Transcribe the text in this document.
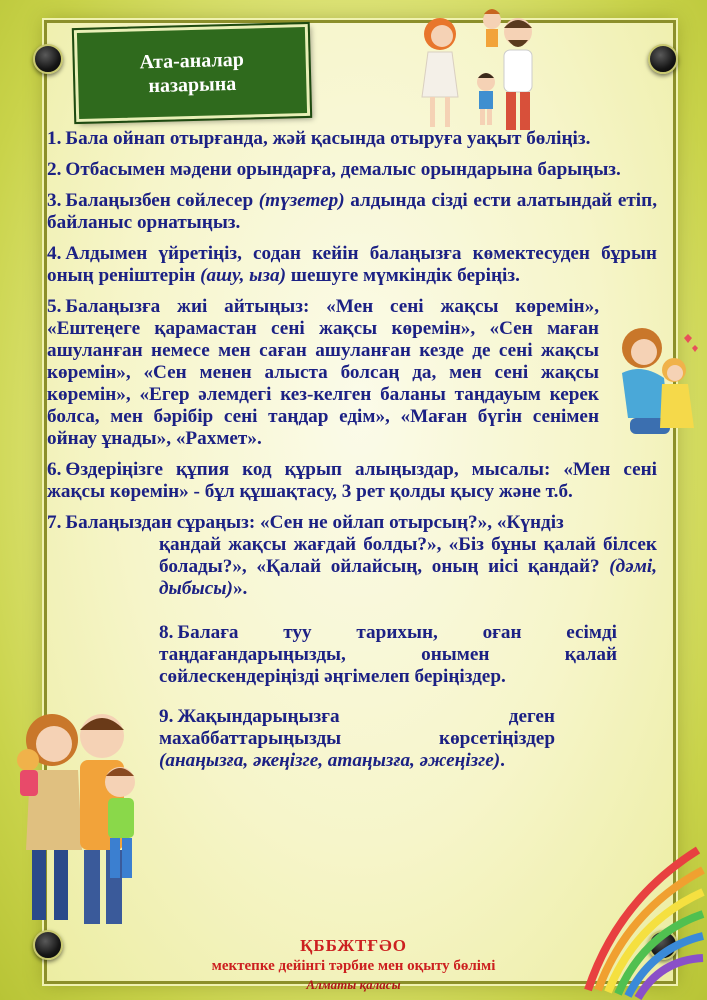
Ата-аналар
назарына
1. Бала ойнап отырғанда, жәй қасында отыруға уақыт бөліңіз.
2. Отбасымен мәдени орындарға, демалыс орындарына барыңыз.
3. Балаңызбен сөйлесер (түзетер) алдында сізді ести алатындай етіп, байланыс орнатыңыз.
4. Алдымен үйретіңіз, содан кейін балаңызға көмектесуден бұрын оның реніштерін (ашу, ыза) шешуге мүмкіндік беріңіз.
5. Балаңызға жиі айтыңыз: «Мен сені жақсы көремін», «Ештеңеге қарамастан сені жақсы көремін», «Сен маған ашуланған немесе мен саған ашуланған кезде де сені жақсы көремін», «Сен менен алыста болсаң да, мен сені жақсы көремін», «Егер әлемдегі кез-келген баланы таңдауым керек болса, мен бәрібір сені таңдар едім», «Маған бүгін сенімен ойнау ұнады», «Рахмет».
6. Өздеріңізге құпия код құрып алыңыздар, мысалы: «Мен сені жақсы көремін» - бұл құшақтасу, 3 рет қолды қысу және т.б.
7. Балаңыздан сұраңыз: «Сен не ойлап отырсың?», «Күндіз
қандай жақсы жағдай болды?», «Біз бұны қалай білсек болады?», «Қалай ойлайсың, оның иісі қандай? (дәмі, дыбысы)».
8. Балаға туу тарихын, оған есімді таңдағандарыңызды, онымен қалай сөйлескендеріңізді әңгімелеп беріңіздер.
9. Жақындарыңызға деген махаббаттарыңызды көрсетіңіздер (анаңызға, әкеңізге, атаңызға, әжеңізге).
ҚББЖТҒӘО
мектепке дейінгі тәрбие мен оқыту бөлімі
Алматы қаласы
